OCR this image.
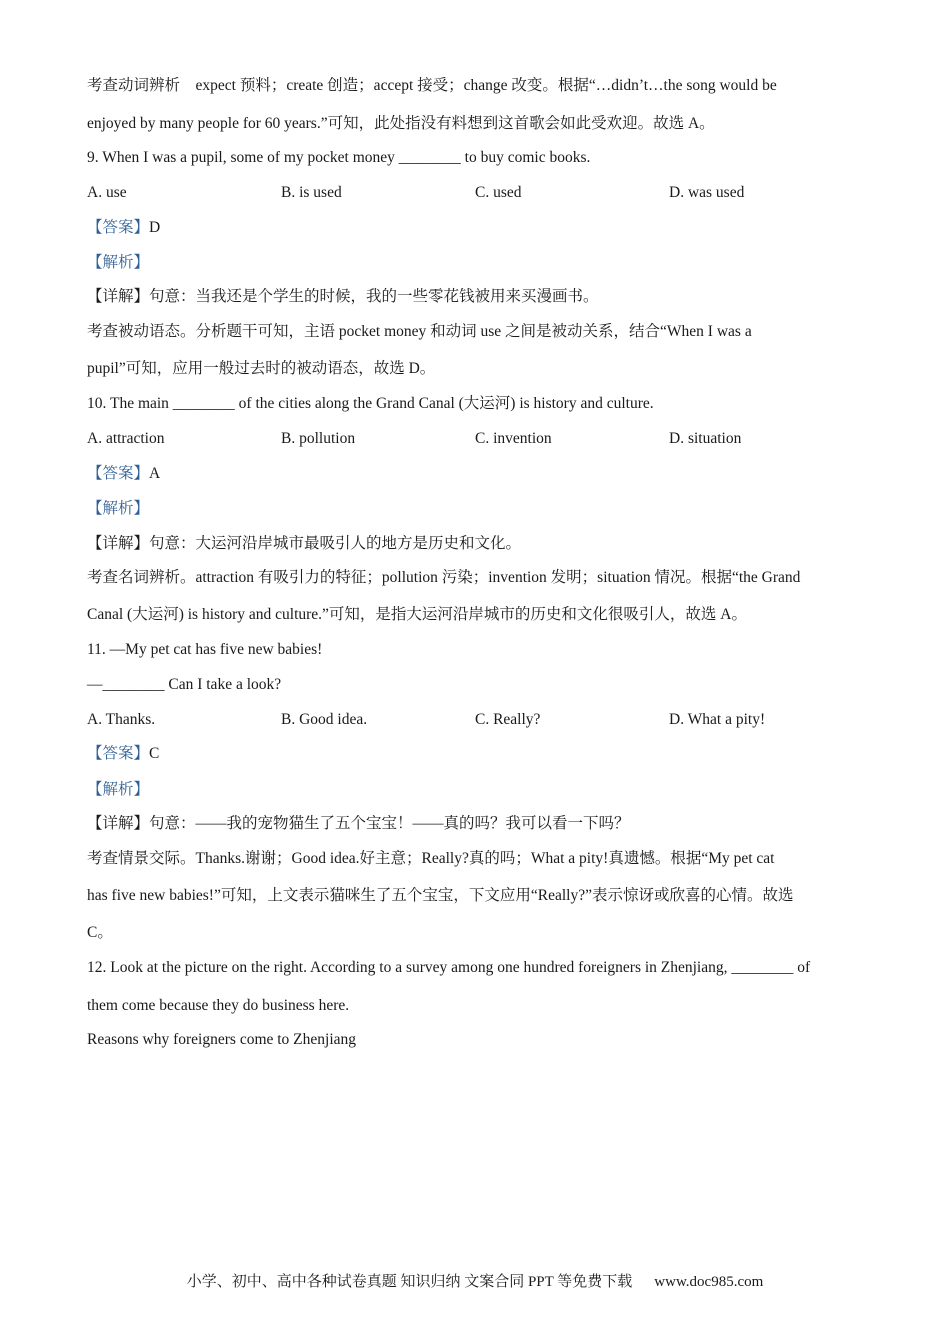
考查动词辨析　expect 预料；create 创造；accept 接受；change 改变。根据“…didn’t…the song would be
enjoyed by many people for 60 years.”可知，此处指没有料想到这首歌会如此受欢迎。故选 A。
9. When I was a pupil, some of my pocket money ________ to buy comic books.
A. use	B. is used	C. used	D. was used
【答案】D
【解析】
【详解】句意：当我还是个学生的时候，我的一些零花钱被用来买漫画书。
考查被动语态。分析题干可知，主语 pocket money 和动词 use 之间是被动关系，结合“When I was a
pupil”可知，应用一般过去时的被动语态，故选 D。
10. The main ________ of the cities along the Grand Canal (大运河) is history and culture.
A. attraction	B. pollution	C. invention	D. situation
【答案】A
【解析】
【详解】句意：大运河沿岸城市最吸引人的地方是历史和文化。
考查名词辨析。attraction 有吸引力的特征；pollution 污染；invention 发明；situation 情况。根据“the Grand
Canal (大运河) is history and culture.”可知，是指大运河沿岸城市的历史和文化很吸引人，故选 A。
11. —My pet cat has five new babies!
—________ Can I take a look?
A. Thanks.	B. Good idea.	C. Really?	D. What a pity!
【答案】C
【解析】
【详解】句意：——我的宠物猫生了五个宝宝！——真的吗？我可以看一下吗？
考查情景交际。Thanks.谢谢；Good idea.好主意；Really?真的吗；What a pity!真遗憾。根据“My pet cat
has five new babies!”可知，上文表示猫咪生了五个宝宝，下文应用“Really?”表示惊讶或欣喜的心情。故选
C。
12. Look at the picture on the right. According to a survey among one hundred foreigners in Zhenjiang, ________ of
them come because they do business here.
Reasons why foreigners come to Zhenjiang
小学、初中、高中各种试卷真题 知识归纳 文案合同 PPT 等免费下载 www.doc985.com
